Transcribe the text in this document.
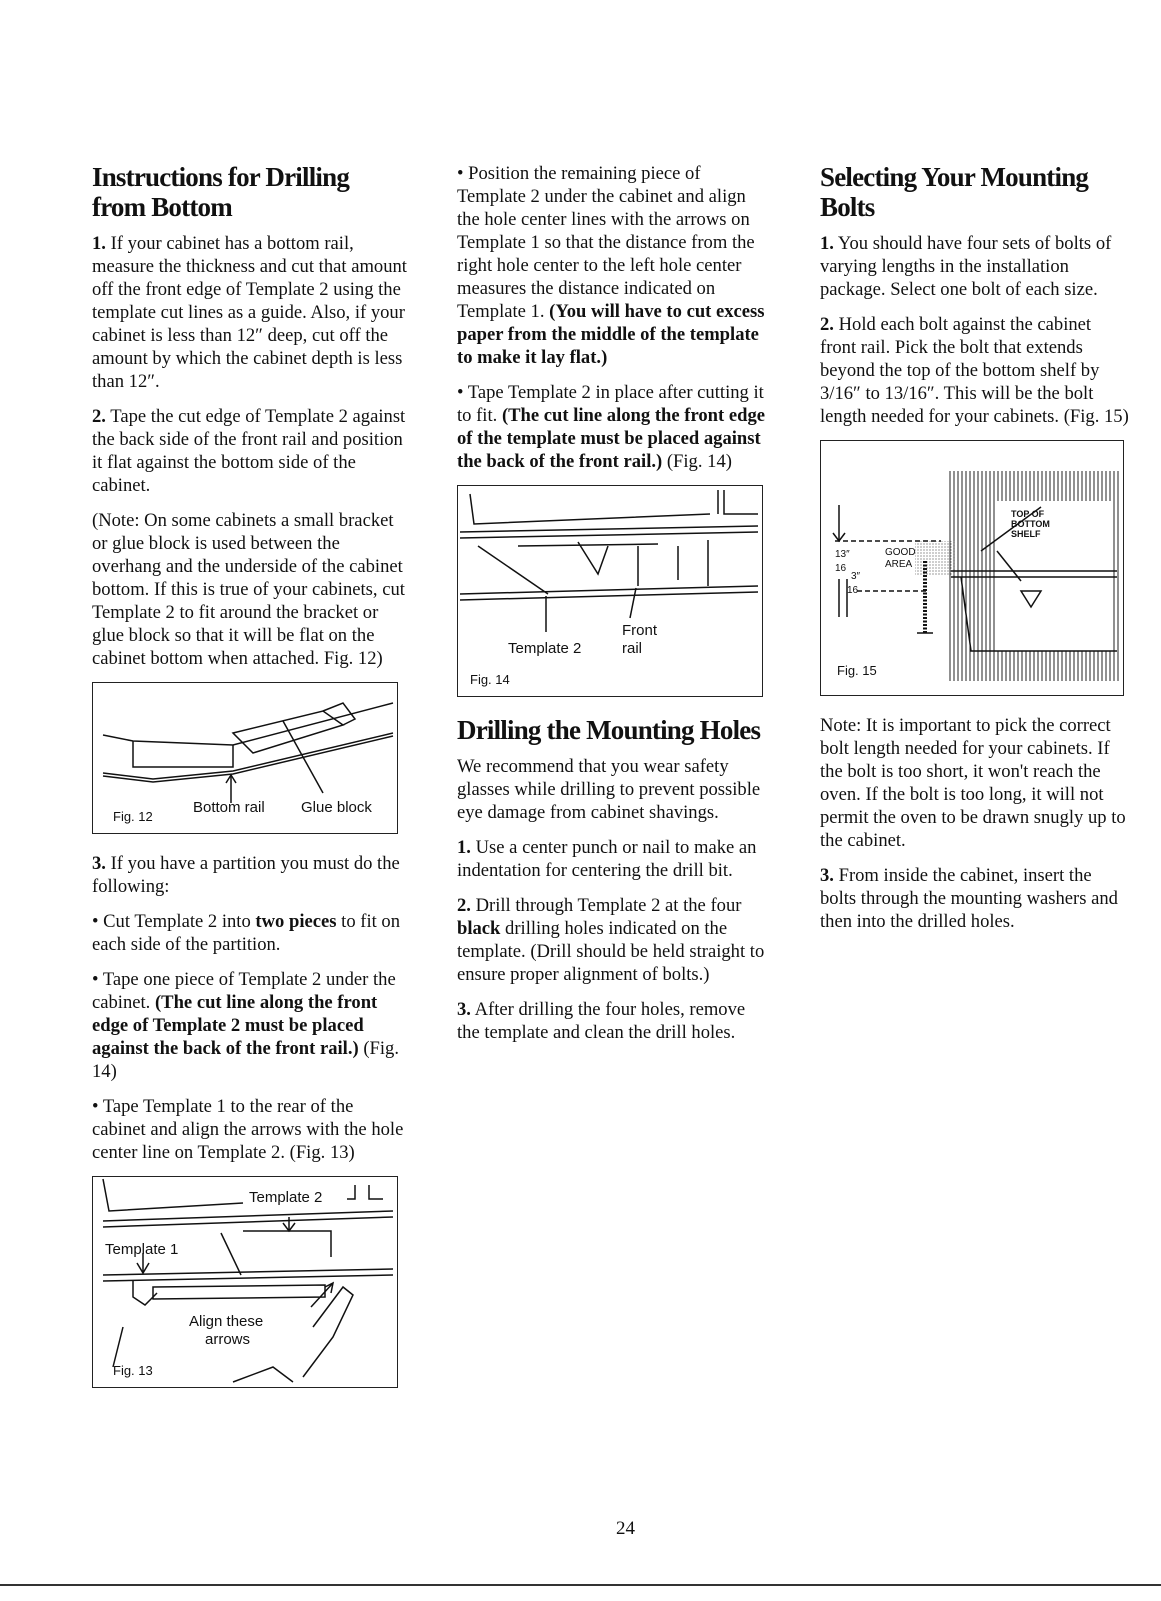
Instructions for Drilling from Bottom

1. If your cabinet has a bottom rail, measure the thickness and cut that amount off the front edge of Template 2 using the template cut lines as a guide. Also, if your cabinet is less than 12″ deep, cut off the amount by which the cabinet depth is less than 12″.

2. Tape the cut edge of Template 2 against the back side of the front rail and position it flat against the bottom side of the cabinet.

(Note: On some cabinets a small bracket or glue block is used between the overhang and the underside of the cabinet bottom. If this is true of your cabinets, cut Template 2 to fit around the bracket or glue block so that it will be flat on the cabinet bottom when attached. Fig. 12)

Fig. 12
Bottom rail Glue block

3. If you have a partition you must do the following:

• Cut Template 2 into two pieces to fit on each side of the partition.

• Tape one piece of Template 2 under the cabinet. (The cut line along the front edge of Template 2 must be placed against the back of the front rail.) (Fig. 14)

• Tape Template 1 to the rear of the cabinet and align the arrows with the hole center line on Template 2. (Fig. 13)

Template 2
Template 1
Align these
arrows
Fig. 13

• Position the remaining piece of Template 2 under the cabinet and align the hole center lines with the arrows on Template 1 so that the distance from the right hole center to the left hole center measures the distance indicated on Template 1. (You will have to cut excess paper from the middle of the template to make it lay flat.)

• Tape Template 2 in place after cutting it to fit. (The cut line along the front edge of the template must be placed against the back of the front rail.) (Fig. 14)

Front
Template 2	rail
Fig. 14
Drilling the Mounting Holes

We recommend that you wear safety glasses while drilling to prevent possible eye damage from cabinet shavings.

1. Use a center punch or nail to make an indentation for centering the drill bit.

2. Drill through Template 2 at the four black drilling holes indicated on the template. (Drill should be held straight to ensure proper alignment of bolts.)

3. After drilling the four holes, remove the template and clean the drill holes.

Selecting Your Mounting Bolts

1. You should have four sets of bolts of varying lengths in the installation package. Select one bolt of each size.

2. Hold each bolt against the cabinet front rail. Pick the bolt that extends beyond the top of the bottom shelf by 3/16″ to 13/16″. This will be the bolt length needed for your cabinets. (Fig. 15)

TOP OF
BOTTOM
SHELF
GOOD
AREA
13″
16
3″
16
Fig. 15

Note: It is important to pick the correct bolt length needed for your cabinets. If the bolt is too short, it won't reach the oven. If the bolt is too long, it will not permit the oven to be drawn snugly up to the cabinet.

3. From inside the cabinet, insert the bolts through the mounting washers and then into the drilled holes.

24
